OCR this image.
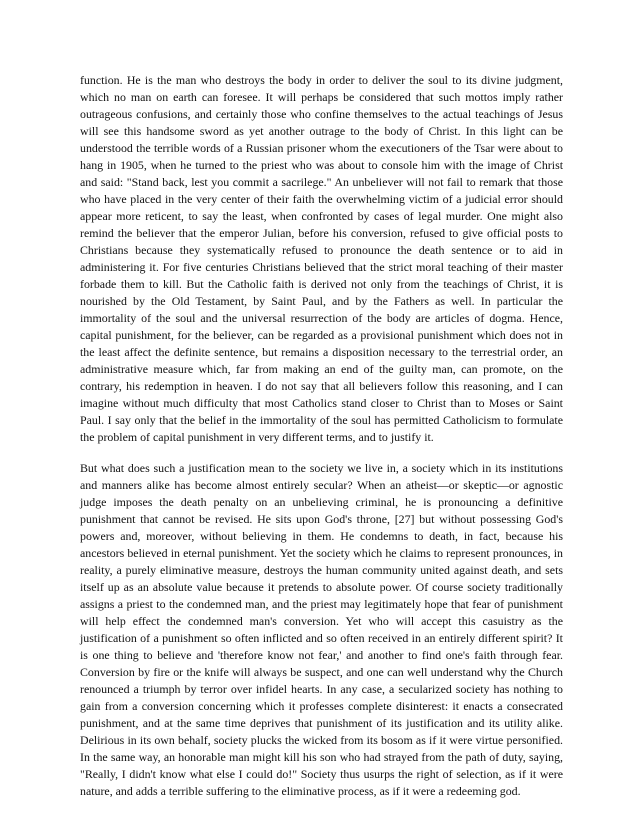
function. He is the man who destroys the body in order to deliver the soul to its divine judgment, which no man on earth can foresee. It will perhaps be considered that such mottos imply rather outrageous confusions, and certainly those who confine themselves to the actual teachings of Jesus will see this handsome sword as yet another outrage to the body of Christ. In this light can be understood the terrible words of a Russian prisoner whom the executioners of the Tsar were about to hang in 1905, when he turned to the priest who was about to console him with the image of Christ and said: "Stand back, lest you commit a sacrilege." An unbeliever will not fail to remark that those who have placed in the very center of their faith the overwhelming victim of a judicial error should appear more reticent, to say the least, when confronted by cases of legal murder. One might also remind the believer that the emperor Julian, before his conversion, refused to give official posts to Christians because they systematically refused to pronounce the death sentence or to aid in administering it. For five centuries Christians believed that the strict moral teaching of their master forbade them to kill. But the Catholic faith is derived not only from the teachings of Christ, it is nourished by the Old Testament, by Saint Paul, and by the Fathers as well. In particular the immortality of the soul and the universal resurrection of the body are articles of dogma. Hence, capital punishment, for the believer, can be regarded as a provisional punishment which does not in the least affect the definite sentence, but remains a disposition necessary to the terrestrial order, an administrative measure which, far from making an end of the guilty man, can promote, on the contrary, his redemption in heaven. I do not say that all believers follow this reasoning, and I can imagine without much difficulty that most Catholics stand closer to Christ than to Moses or Saint Paul. I say only that the belief in the immortality of the soul has permitted Catholicism to formulate the problem of capital punishment in very different terms, and to justify it.

But what does such a justification mean to the society we live in, a society which in its institutions and manners alike has become almost entirely secular? When an atheist—or skeptic—or agnostic judge imposes the death penalty on an unbelieving criminal, he is pronouncing a definitive punishment that cannot be revised. He sits upon God's throne, [27] but without possessing God's powers and, moreover, without believing in them. He condemns to death, in fact, because his ancestors believed in eternal punishment. Yet the society which he claims to represent pronounces, in reality, a purely eliminative measure, destroys the human community united against death, and sets itself up as an absolute value because it pretends to absolute power. Of course society traditionally assigns a priest to the condemned man, and the priest may legitimately hope that fear of punishment will help effect the condemned man's conversion. Yet who will accept this casuistry as the justification of a punishment so often inflicted and so often received in an entirely different spirit? It is one thing to believe and 'therefore know not fear,' and another to find one's faith through fear. Conversion by fire or the knife will always be suspect, and one can well understand why the Church renounced a triumph by terror over infidel hearts. In any case, a secularized society has nothing to gain from a conversion concerning which it professes complete disinterest: it enacts a consecrated punishment, and at the same time deprives that punishment of its justification and its utility alike. Delirious in its own behalf, society plucks the wicked from its bosom as if it were virtue personified. In the same way, an honorable man might kill his son who had strayed from the path of duty, saying, "Really, I didn't know what else I could do!" Society thus usurps the right of selection, as if it were nature, and adds a terrible suffering to the eliminative process, as if it were a redeeming god.
